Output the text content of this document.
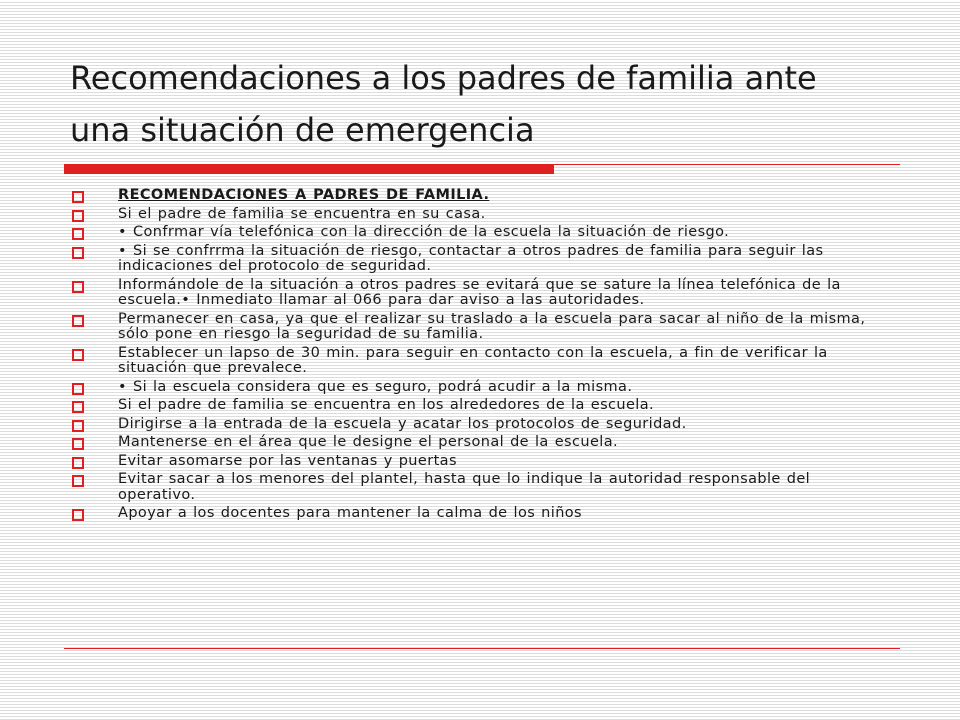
Recomendaciones a los padres de familia ante
una situación de emergencia
RECOMENDACIONES A PADRES DE FAMILIA.
Si el padre de familia se encuentra en su casa.
• Confrmar vía telefónica con la dirección de la escuela la situación de riesgo.
• Si se confrrma la situación de riesgo, contactar a otros padres de familia para seguir las indicaciones del protocolo de seguridad.
Informándole de la situación a otros padres se evitará que se sature la línea telefónica de la escuela.• Inmediato llamar al 066 para dar aviso a las autoridades.
Permanecer en casa, ya que el realizar su traslado a la escuela para sacar al niño de la misma, sólo pone en riesgo la seguridad de su familia.
Establecer un lapso de 30 min. para seguir en contacto con la escuela, a fin de verificar la situación que prevalece.
• Si la escuela considera que es seguro, podrá acudir a la misma.
Si el padre de familia se encuentra en los alrededores de la escuela.
Dirigirse a la entrada de la escuela y acatar los protocolos de seguridad.
Mantenerse en el área que le designe el personal de la escuela.
Evitar asomarse por las ventanas y puertas
Evitar sacar a los menores del plantel, hasta que lo indique la autoridad responsable del operativo.
Apoyar a los docentes para mantener la calma de los niños
